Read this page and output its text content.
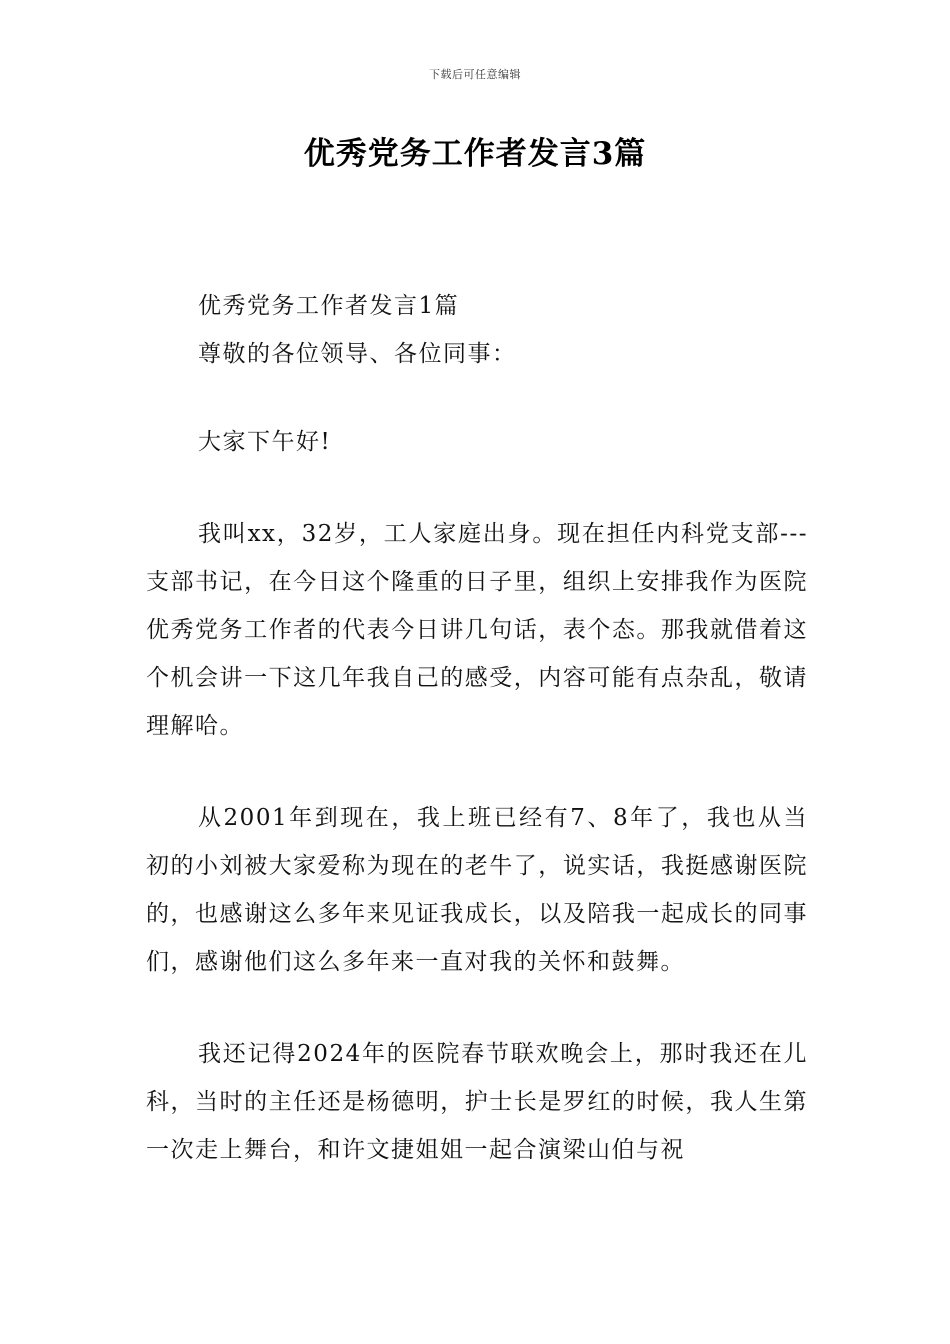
下载后可任意编辑
优秀党务工作者发言3篇

优秀党务工作者发言1篇

尊敬的各位领导、各位同事：

大家下午好!

我叫xx，32岁，工人家庭出身。现在担任内科党支部---支部书记，在今日这个隆重的日子里，组织上安排我作为医院优秀党务工作者的代表今日讲几句话，表个态。那我就借着这个机会讲一下这几年我自己的感受，内容可能有点杂乱，敬请理解哈。

从2001年到现在，我上班已经有7、8年了，我也从当初的小刘被大家爱称为现在的老牛了，说实话，我挺感谢医院的，也感谢这么多年来见证我成长，以及陪我一起成长的同事们，感谢他们这么多年来一直对我的关怀和鼓舞。

我还记得2024年的医院春节联欢晚会上，那时我还在儿科，当时的主任还是杨德明，护士长是罗红的时候，我人生第一次走上舞台，和许文捷姐姐一起合演梁山伯与祝
